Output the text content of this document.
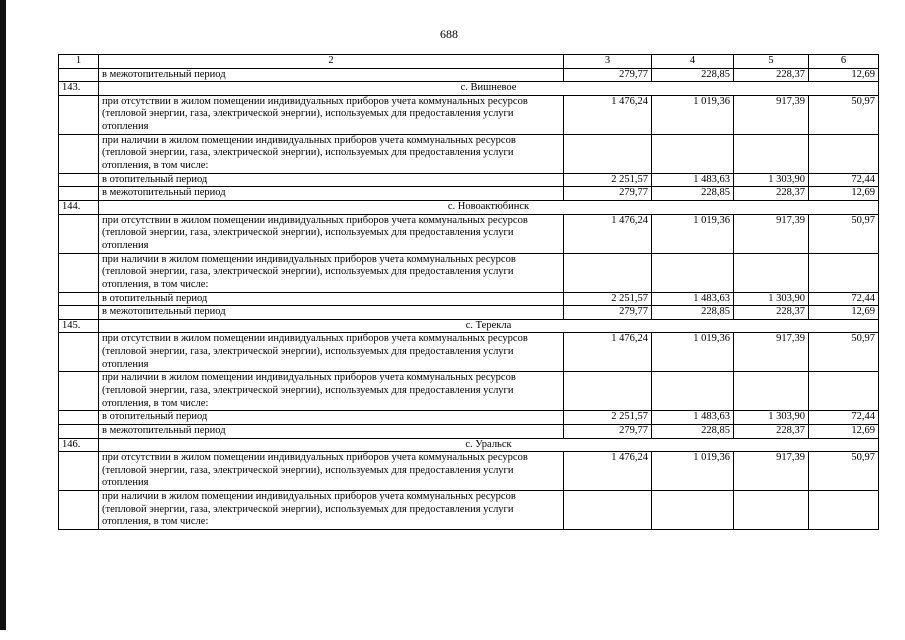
688
1	2	3	4	5	6
	в межотопительный период	279,77	228,85	228,37	12,69
143.	с. Вишневое				
	при отсутствии в жилом помещении индивидуальных приборов учета коммунальных ресурсов (тепловой энергии, газа, электрической энергии), используемых для предоставления услуги отопления	1 476,24	1 019,36	917,39	50,97
	при наличии в жилом помещении индивидуальных приборов учета коммунальных ресурсов (тепловой энергии, газа, электрической энергии), используемых для предоставления услуги отопления, в том числе:				
	в отопительный период	2 251,57	1 483,63	1 303,90	72,44
	в межотопительный период	279,77	228,85	228,37	12,69
144.	с. Новоактюбинск				
	при отсутствии в жилом помещении индивидуальных приборов учета коммунальных ресурсов (тепловой энергии, газа, электрической энергии), используемых для предоставления услуги отопления	1 476,24	1 019,36	917,39	50,97
	при наличии в жилом помещении индивидуальных приборов учета коммунальных ресурсов (тепловой энергии, газа, электрической энергии), используемых для предоставления услуги отопления, в том числе:				
	в отопительный период	2 251,57	1 483,63	1 303,90	72,44
	в межотопительный период	279,77	228,85	228,37	12,69
145.	с. Терекла				
	при отсутствии в жилом помещении индивидуальных приборов учета коммунальных ресурсов (тепловой энергии, газа, электрической энергии), используемых для предоставления услуги отопления	1 476,24	1 019,36	917,39	50,97
	при наличии в жилом помещении индивидуальных приборов учета коммунальных ресурсов (тепловой энергии, газа, электрической энергии), используемых для предоставления услуги отопления, в том числе:				
	в отопительный период	2 251,57	1 483,63	1 303,90	72,44
	в межотопительный период	279,77	228,85	228,37	12,69
146.	с. Уральск				
	при отсутствии в жилом помещении индивидуальных приборов учета коммунальных ресурсов (тепловой энергии, газа, электрической энергии), используемых для предоставления услуги отопления	1 476,24	1 019,36	917,39	50,97
	при наличии в жилом помещении индивидуальных приборов учета коммунальных ресурсов (тепловой энергии, газа, электрической энергии), используемых для предоставления услуги отопления, в том числе:				
